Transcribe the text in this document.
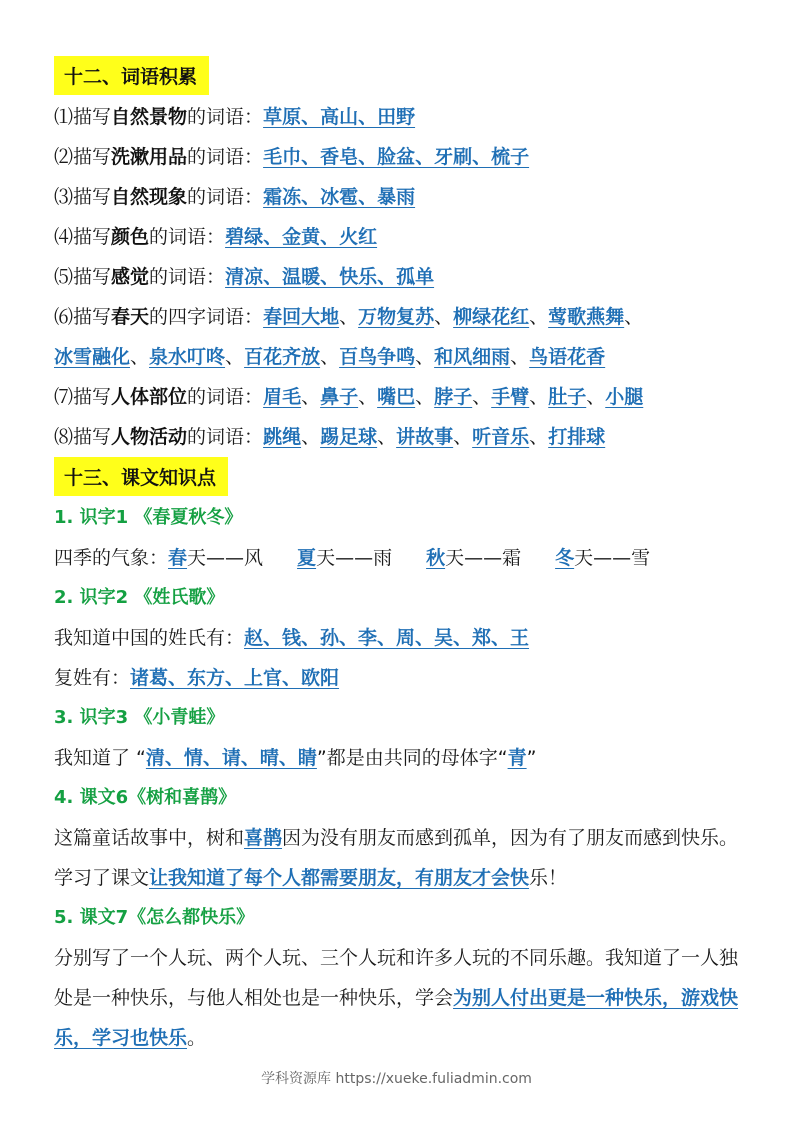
十二、词语积累
⑴描写自然景物的词语：草原、高山、田野
⑵描写洗漱用品的词语：毛巾、香皂、脸盆、牙刷、梳子
⑶描写自然现象的词语：霜冻、冰雹、暴雨
⑷描写颜色的词语：碧绿、金黄、火红
⑸描写感觉的词语：清凉、温暖、快乐、孤单
⑹描写春天的四字词语：春回大地、万物复苏、柳绿花红、莺歌燕舞、
冰雪融化、泉水叮咚、百花齐放、百鸟争鸣、和风细雨、鸟语花香
⑺描写人体部位的词语：眉毛、鼻子、嘴巴、脖子、手臂、肚子、小腿
⑻描写人物活动的词语：跳绳、踢足球、讲故事、听音乐、打排球
十三、课文知识点
1. 识字1 《春夏秋冬》
四季的气象：春天——风 夏天——雨 秋天——霜 冬天——雪
2. 识字2 《姓氏歌》
我知道中国的姓氏有：赵、钱、孙、李、周、吴、郑、王
复姓有：诸葛、东方、上官、欧阳
3. 识字3 《小青蛙》
我知道了 “清、情、请、晴、睛”都是由共同的母体字“青”
4. 课文6《树和喜鹊》
这篇童话故事中，树和喜鹊因为没有朋友而感到孤单，因为有了朋友而感到快乐。学习了课文让我知道了每个人都需要朋友，有朋友才会快乐！
5. 课文7《怎么都快乐》
分别写了一个人玩、两个人玩、三个人玩和许多人玩的不同乐趣。我知道了一人独处是一种快乐，与他人相处也是一种快乐，学会为别人付出更是一种快乐，游戏快乐，学习也快乐。
学科资源库 https://xueke.fuliadmin.com
